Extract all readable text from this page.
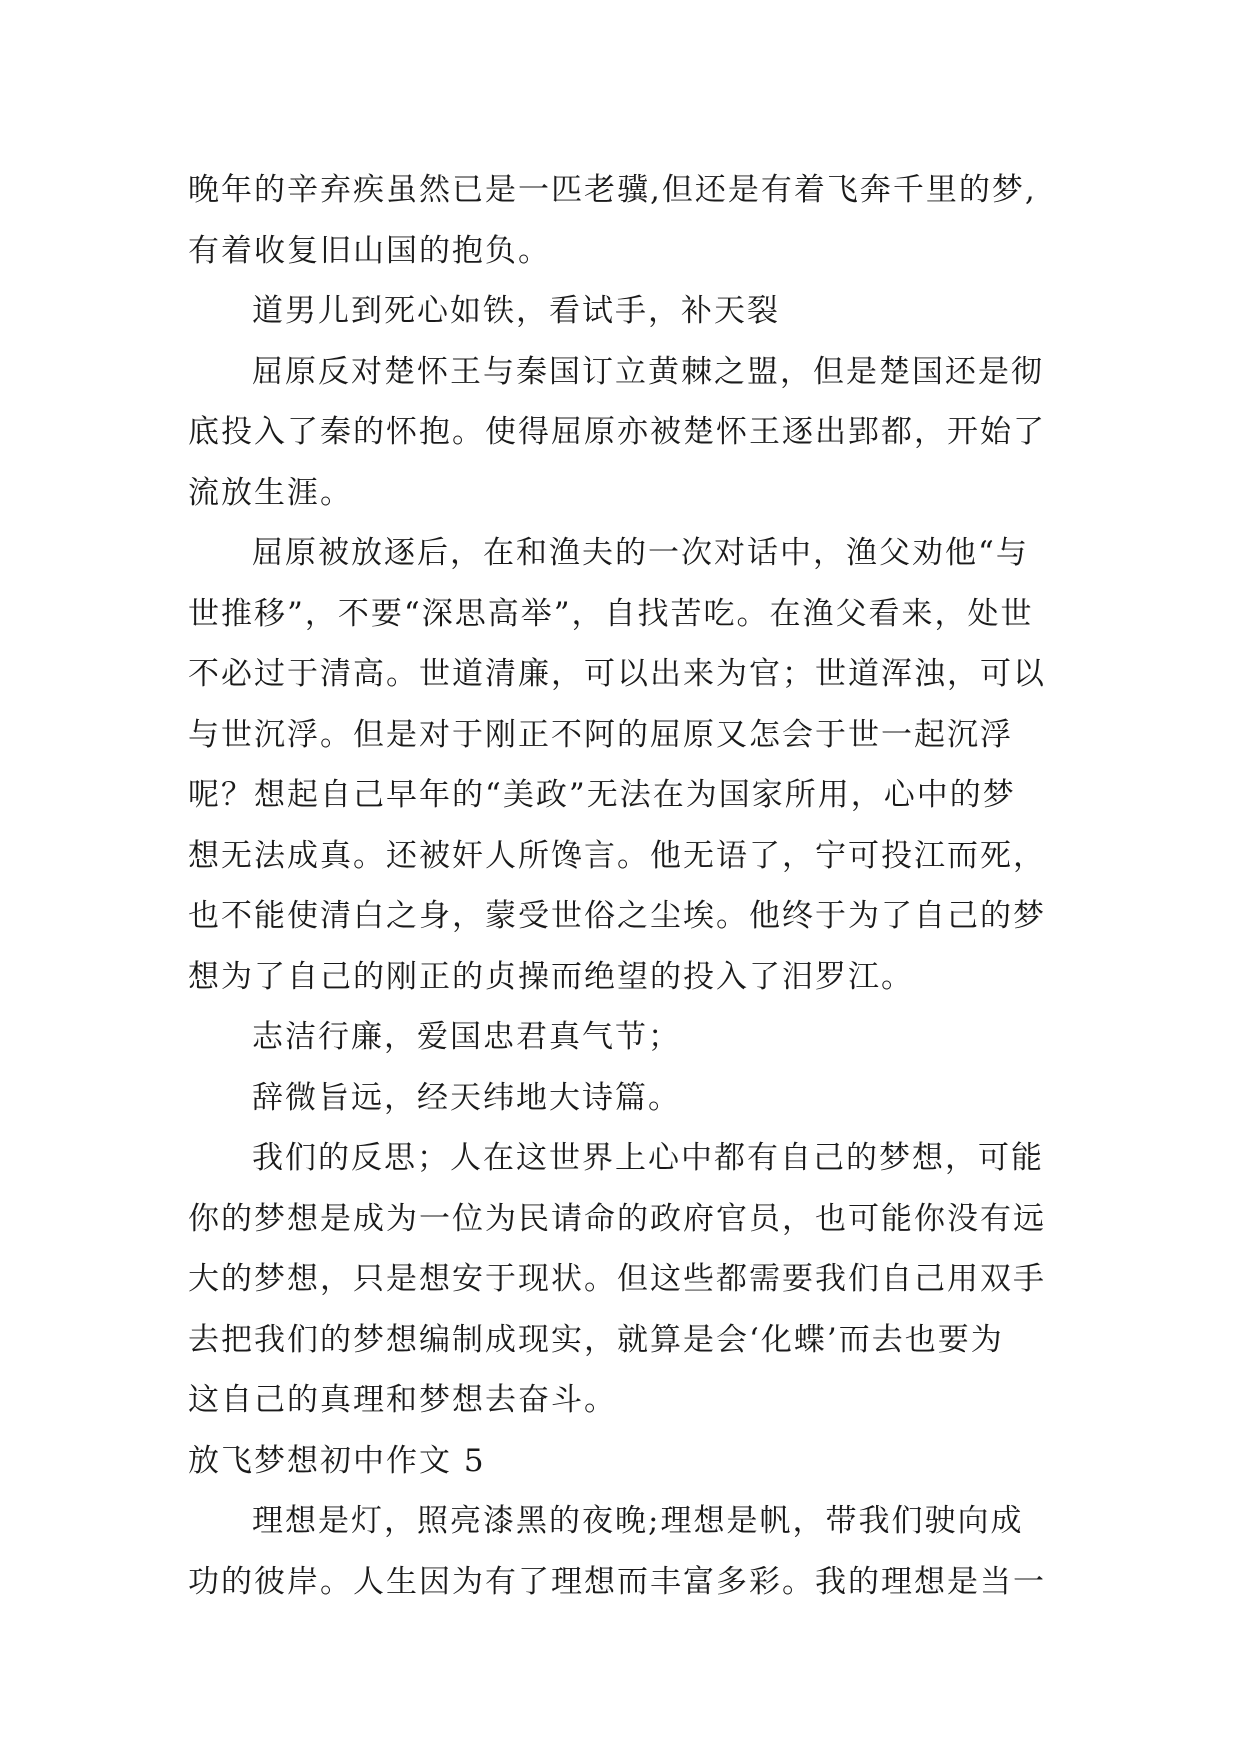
晚年的辛弃疾虽然已是一匹老骥,但还是有着飞奔千里的梦,
有着收复旧山国的抱负。
道男儿到死心如铁，看试手，补天裂
屈原反对楚怀王与秦国订立黄棘之盟，但是楚国还是彻
底投入了秦的怀抱。使得屈原亦被楚怀王逐出郢都，开始了
流放生涯。
屈原被放逐后，在和渔夫的一次对话中，渔父劝他“与
世推移”，不要“深思高举”，自找苦吃。在渔父看来，处世
不必过于清高。世道清廉，可以出来为官；世道浑浊，可以
与世沉浮。但是对于刚正不阿的屈原又怎会于世一起沉浮
呢？想起自己早年的“美政”无法在为国家所用，心中的梦
想无法成真。还被奸人所馋言。他无语了，宁可投江而死，
也不能使清白之身，蒙受世俗之尘埃。他终于为了自己的梦
想为了自己的刚正的贞操而绝望的投入了汨罗江。
志洁行廉，爱国忠君真气节；
辞微旨远，经天纬地大诗篇。
我们的反思；人在这世界上心中都有自己的梦想，可能
你的梦想是成为一位为民请命的政府官员，也可能你没有远
大的梦想，只是想安于现状。但这些都需要我们自己用双手
去把我们的梦想编制成现实，就算是会‘化蝶’而去也要为
这自己的真理和梦想去奋斗。
放飞梦想初中作文 5
理想是灯，照亮漆黑的夜晚;理想是帆，带我们驶向成
功的彼岸。人生因为有了理想而丰富多彩。我的理想是当一
